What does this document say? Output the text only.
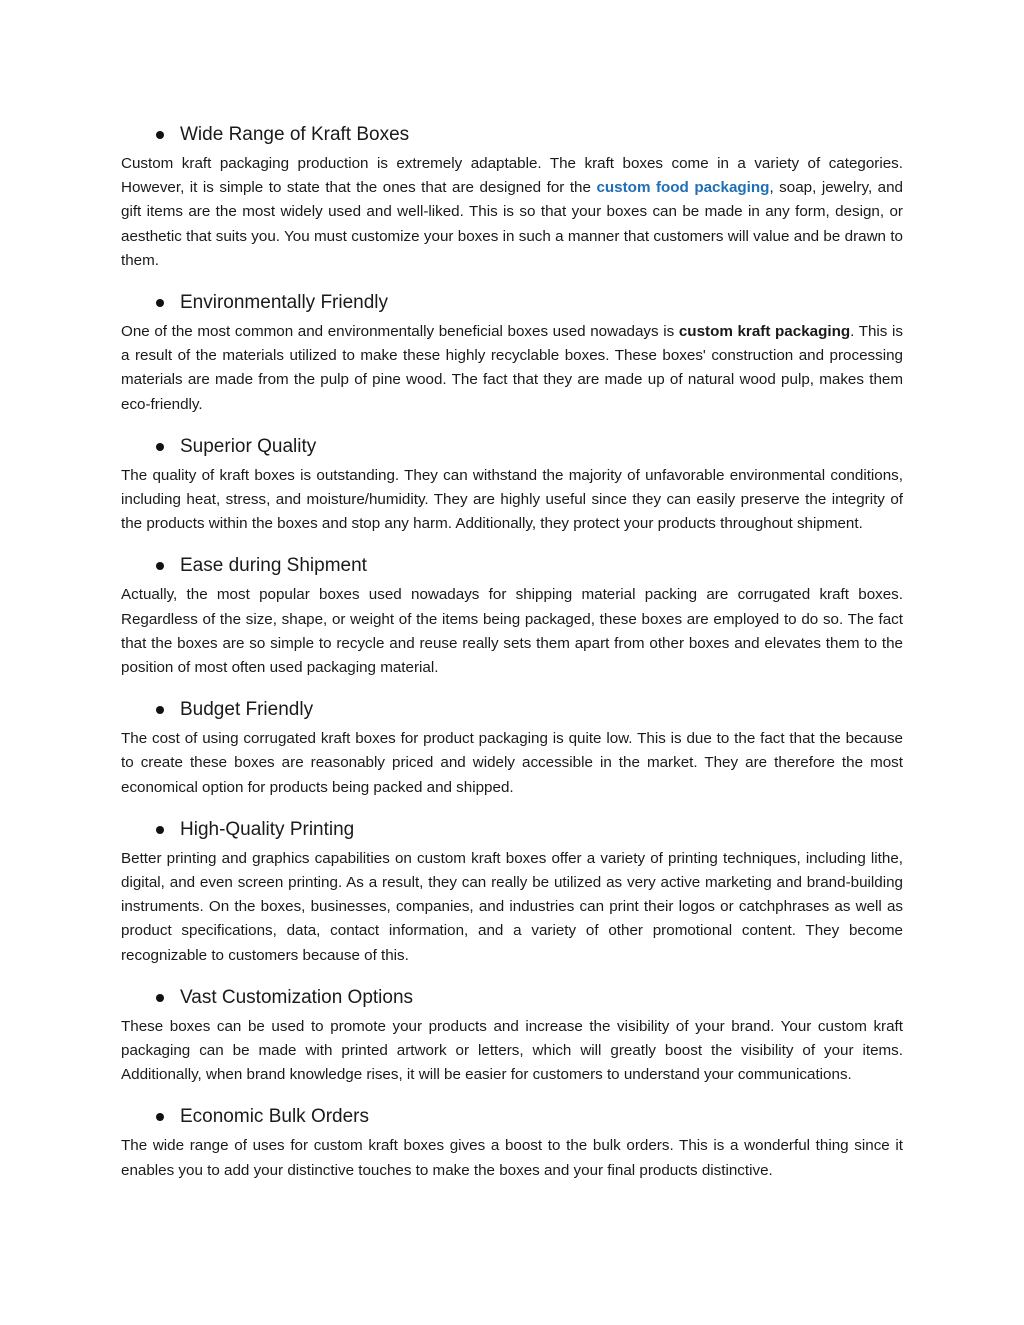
Wide Range of Kraft Boxes

Custom kraft packaging production is extremely adaptable. The kraft boxes come in a variety of categories. However, it is simple to state that the ones that are designed for the custom food packaging, soap, jewelry, and gift items are the most widely used and well-liked. This is so that your boxes can be made in any form, design, or aesthetic that suits you. You must customize your boxes in such a manner that customers will value and be drawn to them.

Environmentally Friendly

One of the most common and environmentally beneficial boxes used nowadays is custom kraft packaging. This is a result of the materials utilized to make these highly recyclable boxes. These boxes' construction and processing materials are made from the pulp of pine wood. The fact that they are made up of natural wood pulp, makes them eco-friendly.

Superior Quality

The quality of kraft boxes is outstanding. They can withstand the majority of unfavorable environmental conditions, including heat, stress, and moisture/humidity. They are highly useful since they can easily preserve the integrity of the products within the boxes and stop any harm. Additionally, they protect your products throughout shipment.

Ease during Shipment

Actually, the most popular boxes used nowadays for shipping material packing are corrugated kraft boxes. Regardless of the size, shape, or weight of the items being packaged, these boxes are employed to do so. The fact that the boxes are so simple to recycle and reuse really sets them apart from other boxes and elevates them to the position of most often used packaging material.

Budget Friendly

The cost of using corrugated kraft boxes for product packaging is quite low. This is due to the fact that the because to create these boxes are reasonably priced and widely accessible in the market. They are therefore the most economical option for products being packed and shipped.

High-Quality Printing

Better printing and graphics capabilities on custom kraft boxes offer a variety of printing techniques, including lithe, digital, and even screen printing. As a result, they can really be utilized as very active marketing and brand-building instruments. On the boxes, businesses, companies, and industries can print their logos or catchphrases as well as product specifications, data, contact information, and a variety of other promotional content. They become recognizable to customers because of this.

Vast Customization Options

These boxes can be used to promote your products and increase the visibility of your brand. Your custom kraft packaging can be made with printed artwork or letters, which will greatly boost the visibility of your items. Additionally, when brand knowledge rises, it will be easier for customers to understand your communications.

Economic Bulk Orders

The wide range of uses for custom kraft boxes gives a boost to the bulk orders. This is a wonderful thing since it enables you to add your distinctive touches to make the boxes and your final products distinctive.
